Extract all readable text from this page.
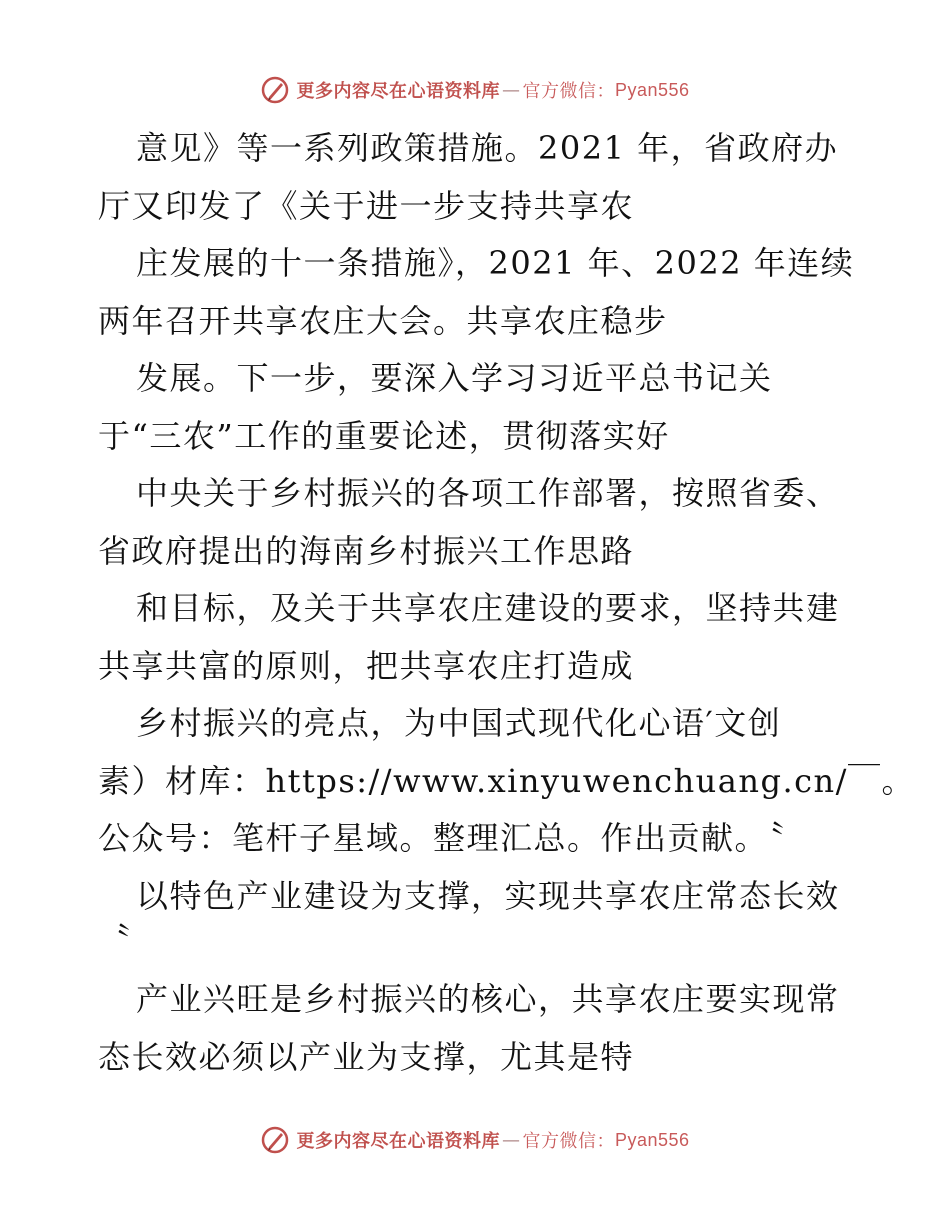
更多内容尽在心语资料库 — 官方微信： Pyan556
意见》等一系列政策措施。2021 年，省政府办
厅又印发了《关于进一步支持共享农
庄发展的十一条措施》，2021 年、2022 年连续
两年召开共享农庄大会。共享农庄稳步
发展。下一步，要深入学习习近平总书记关
于“三农”工作的重要论述，贯彻落实好
中央关于乡村振兴的各项工作部署，按照省委、
省政府提出的海南乡村振兴工作思路
和目标，及关于共享农庄建设的要求，坚持共建
共享共富的原则，把共享农庄打造成
乡村振兴的亮点，为中国式现代化心语′文创
素）材库：https://www.xinyuwenchuang.cn/￣。
公众号：笔杆子星域。整理汇总。作出贡献。〝
以特色产业建设为支撑，实现共享农庄常态长效
〝
产业兴旺是乡村振兴的核心，共享农庄要实现常
态长效必须以产业为支撑，尤其是特
更多内容尽在心语资料库 — 官方微信： Pyan556
